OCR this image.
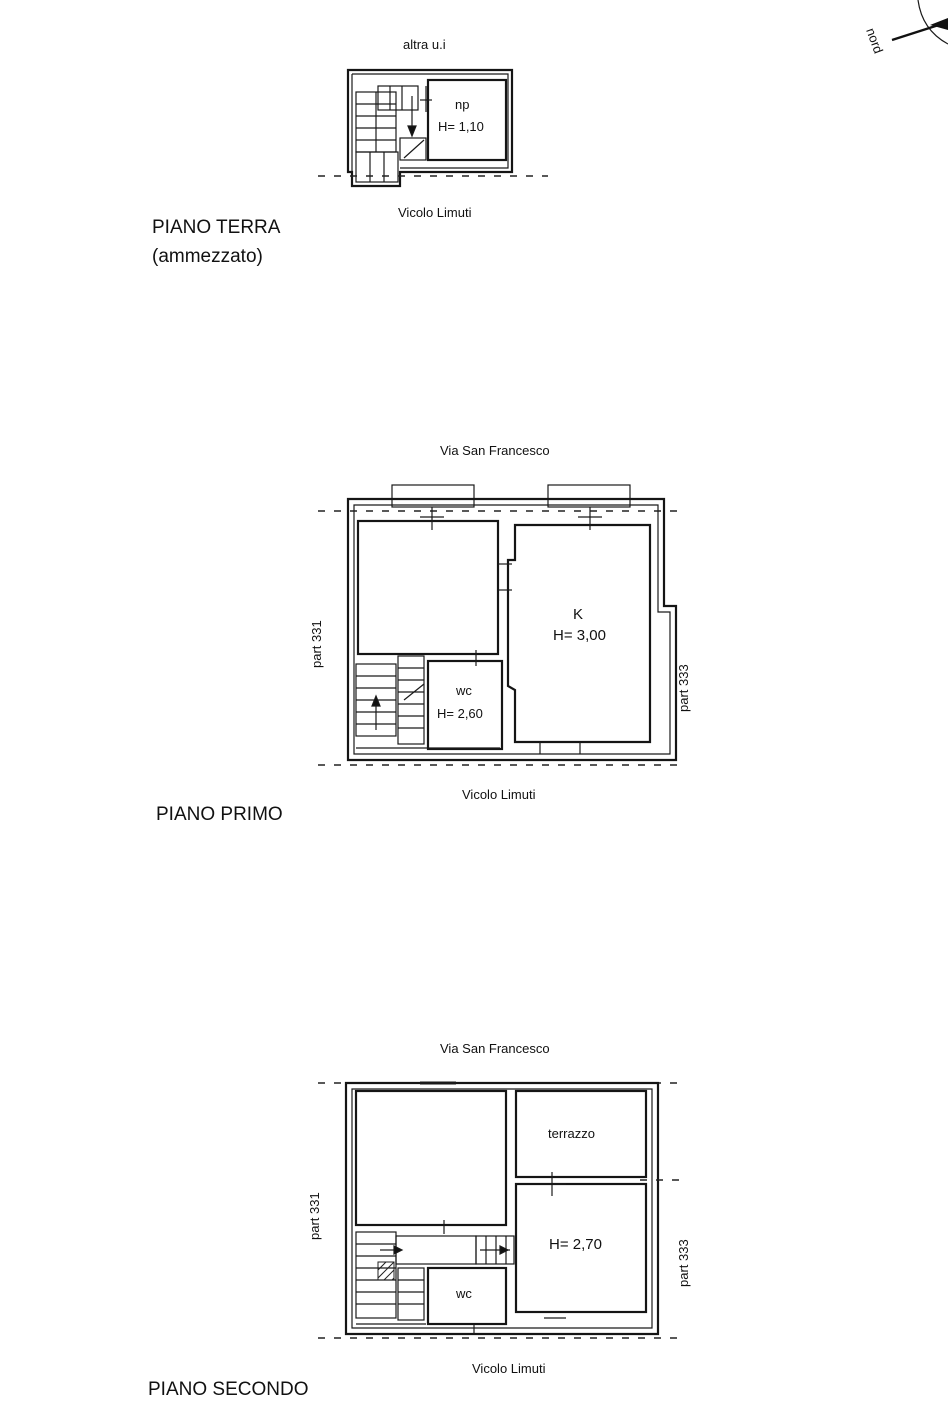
nord
altra u.i
np
H= 1,10
Vicolo Limuti
PIANO TERRA
(ammezzato)
Via San Francesco
part 331
part 333
K
H= 3,00
wc
H= 2,60
Vicolo Limuti
PIANO PRIMO
Via San Francesco
part 331
part 333
terrazzo
H= 2,70
wc
Vicolo Limuti
PIANO SECONDO
